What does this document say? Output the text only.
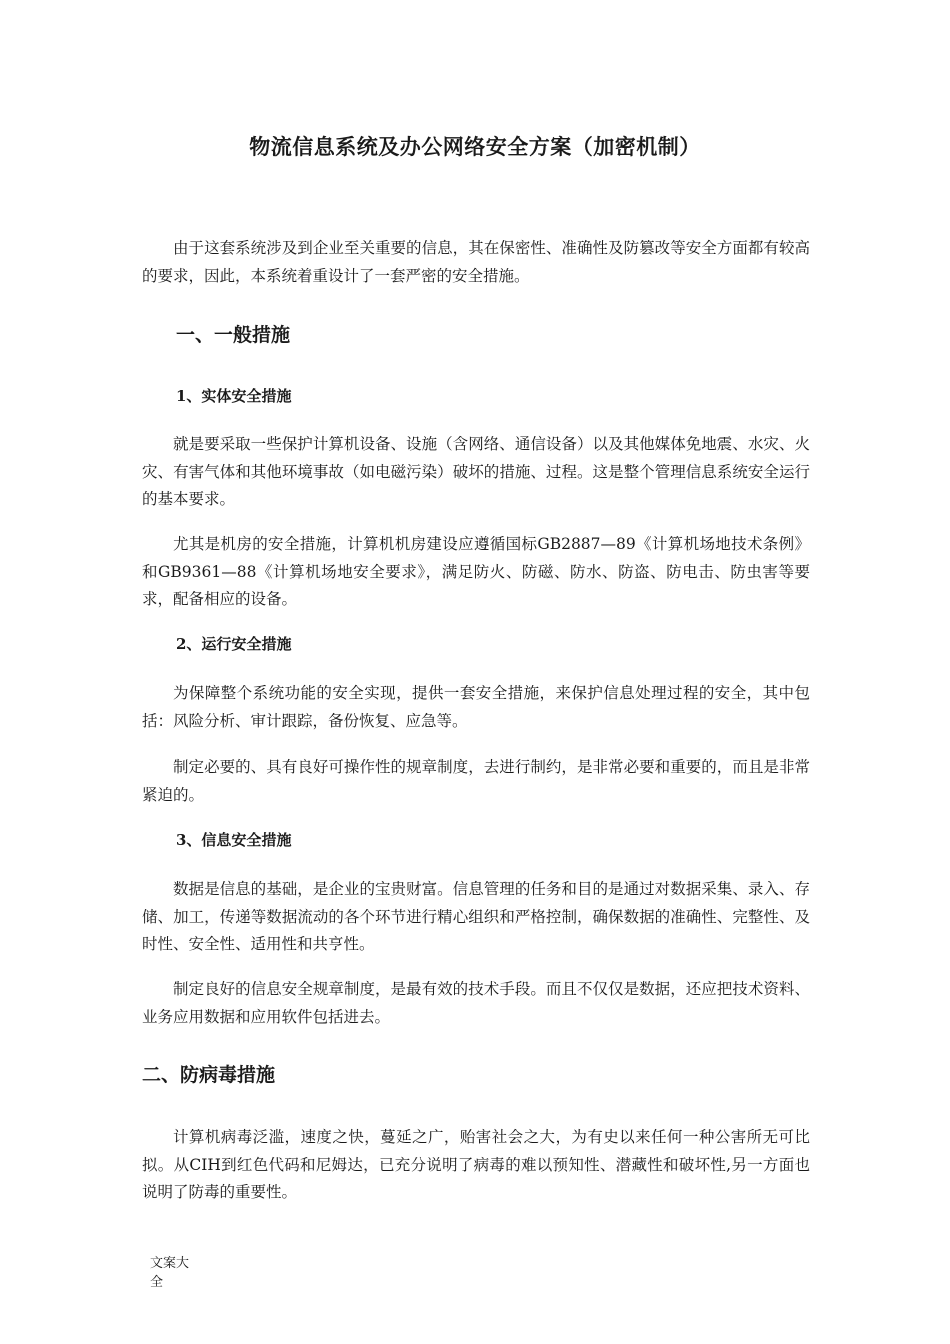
物流信息系统及办公网络安全方案（加密机制）

由于这套系统涉及到企业至关重要的信息，其在保密性、准确性及防篡改等安全方面都有较高的要求，因此，本系统着重设计了一套严密的安全措施。

一、一般措施
1、实体安全措施

就是要采取一些保护计算机设备、设施（含网络、通信设备）以及其他媒体免地震、水灾、火灾、有害气体和其他环境事故（如电磁污染）破坏的措施、过程。这是整个管理信息系统安全运行的基本要求。

尤其是机房的安全措施，计算机机房建设应遵循国标GB2887—89《计算机场地技术条例》和GB9361—88《计算机场地安全要求》，满足防火、防磁、防水、防盗、防电击、防虫害等要求，配备相应的设备。

2、运行安全措施

为保障整个系统功能的安全实现，提供一套安全措施，来保护信息处理过程的安全，其中包括：风险分析、审计跟踪，备份恢复、应急等。

制定必要的、具有良好可操作性的规章制度，去进行制约，是非常必要和重要的，而且是非常紧迫的。

3、信息安全措施

数据是信息的基础，是企业的宝贵财富。信息管理的任务和目的是通过对数据采集、录入、存储、加工，传递等数据流动的各个环节进行精心组织和严格控制，确保数据的准确性、完整性、及时性、安全性、适用性和共亨性。

制定良好的信息安全规章制度，是最有效的技术手段。而且不仅仅是数据，还应把技术资料、业务应用数据和应用软件包括进去。

二、防病毒措施

计算机病毒泛滥，速度之快，蔓延之广，贻害社会之大，为有史以来任何一种公害所无可比拟。从CIH到红色代码和尼姆达，已充分说明了病毒的难以预知性、潜藏性和破坏性,另一方面也说明了防毒的重要性。

文案大全
